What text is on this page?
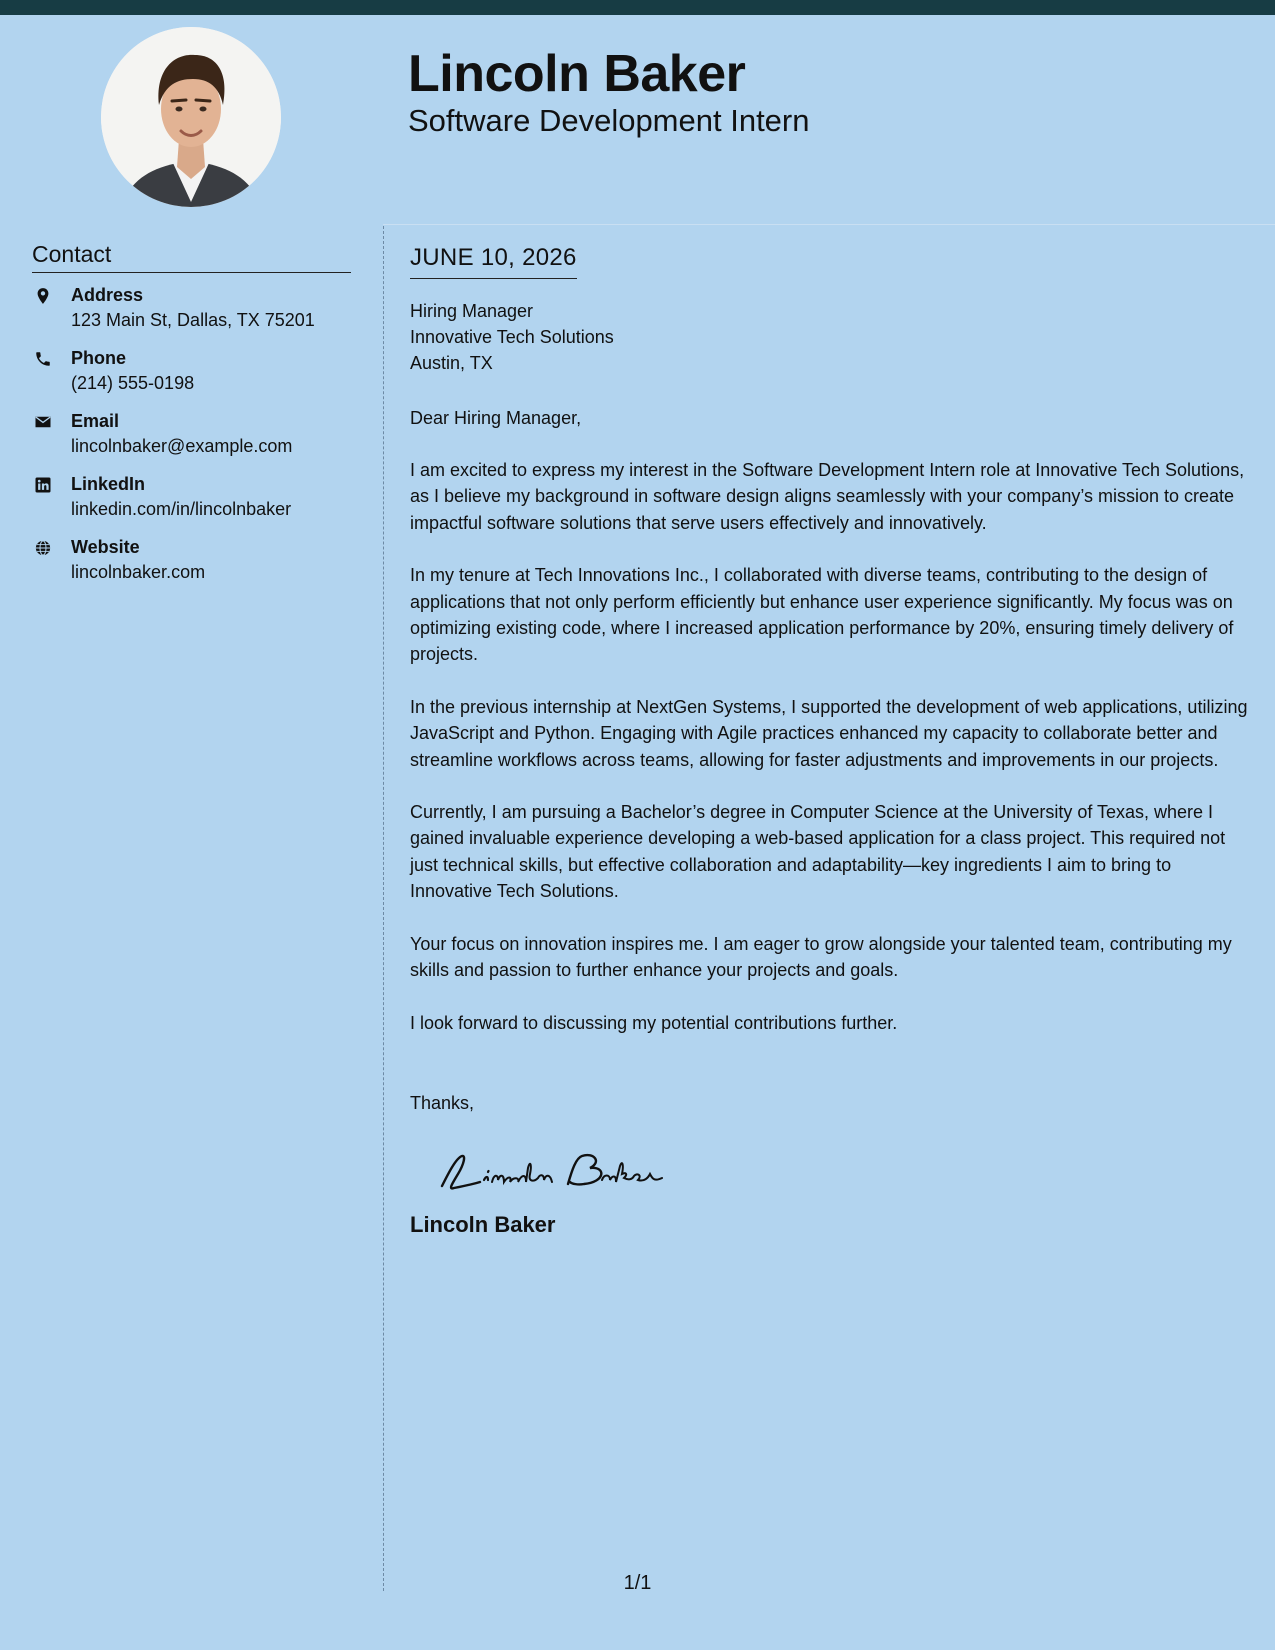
Lincoln Baker
Software Development Intern
Contact
Address
123 Main St, Dallas, TX 75201
Phone
(214) 555-0198
Email
lincolnbaker@example.com
LinkedIn
linkedin.com/in/lincolnbaker
Website
lincolnbaker.com
JUNE 10, 2026
Hiring Manager
Innovative Tech Solutions
Austin, TX
Dear Hiring Manager,

I am excited to express my interest in the Software Development Intern role at Innovative Tech Solutions, as I believe my background in software design aligns seamlessly with your company’s mission to create impactful software solutions that serve users effectively and innovatively.

In my tenure at Tech Innovations Inc., I collaborated with diverse teams, contributing to the design of applications that not only perform efficiently but enhance user experience significantly. My focus was on optimizing existing code, where I increased application performance by 20%, ensuring timely delivery of projects.

In the previous internship at NextGen Systems, I supported the development of web applications, utilizing JavaScript and Python. Engaging with Agile practices enhanced my capacity to collaborate better and streamline workflows across teams, allowing for faster adjustments and improvements in our projects.

Currently, I am pursuing a Bachelor’s degree in Computer Science at the University of Texas, where I gained invaluable experience developing a web-based application for a class project. This required not just technical skills, but effective collaboration and adaptability—key ingredients I aim to bring to Innovative Tech Solutions.

Your focus on innovation inspires me. I am eager to grow alongside your talented team, contributing my skills and passion to further enhance your projects and goals.

I look forward to discussing my potential contributions further.

Thanks,
Lincoln Baker
1/1
